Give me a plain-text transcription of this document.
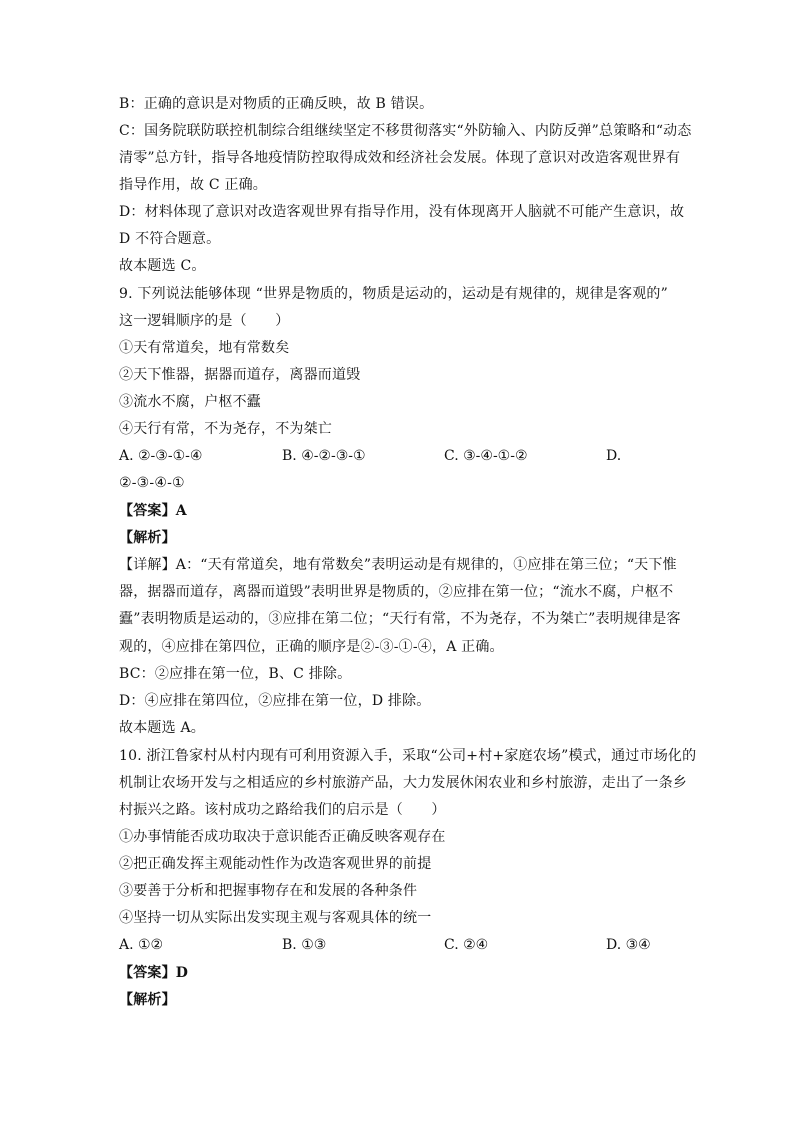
B：正确的意识是对物质的正确反映，故 B 错误。
C：国务院联防联控机制综合组继续坚定不移贯彻落实“外防输入、内防反弹”总策略和“动态
清零”总方针，指导各地疫情防控取得成效和经济社会发展。体现了意识对改造客观世界有
指导作用，故 C 正确。
D：材料体现了意识对改造客观世界有指导作用，没有体现离开人脑就不可能产生意识，故
D 不符合题意。
故本题选 C。
9. 下列说法能够体现 “世界是物质的，物质是运动的，运动是有规律的，规律是客观的”
这一逻辑顺序的是（　　）
①天有常道矣，地有常数矣
②天下惟器，据器而道存，离器而道毁
③流水不腐，户枢不蠹
④天行有常，不为尧存，不为桀亡
A. ②-③-①-④	B. ④-②-③-①	C. ③-④-①-②	D.
②-③-④-①
【答案】A
【解析】
【详解】A：“天有常道矣，地有常数矣”表明运动是有规律的，①应排在第三位；“天下惟
器，据器而道存，离器而道毁”表明世界是物质的，②应排在第一位；“流水不腐，户枢不
蠹”表明物质是运动的，③应排在第二位；“天行有常，不为尧存，不为桀亡”表明规律是客
观的，④应排在第四位，正确的顺序是②-③-①-④，A 正确。
BC：②应排在第一位，B、C 排除。
D：④应排在第四位，②应排在第一位，D 排除。
故本题选 A。
10. 浙江鲁家村从村内现有可利用资源入手，采取“公司+村+家庭农场”模式，通过市场化的
机制让农场开发与之相适应的乡村旅游产品，大力发展休闲农业和乡村旅游，走出了一条乡
村振兴之路。该村成功之路给我们的启示是（　　）
①办事情能否成功取决于意识能否正确反映客观存在
②把正确发挥主观能动性作为改造客观世界的前提
③要善于分析和把握事物存在和发展的各种条件
④坚持一切从实际出发实现主观与客观具体的统一
A. ①②	B. ①③	C. ②④	D. ③④
【答案】D
【解析】
